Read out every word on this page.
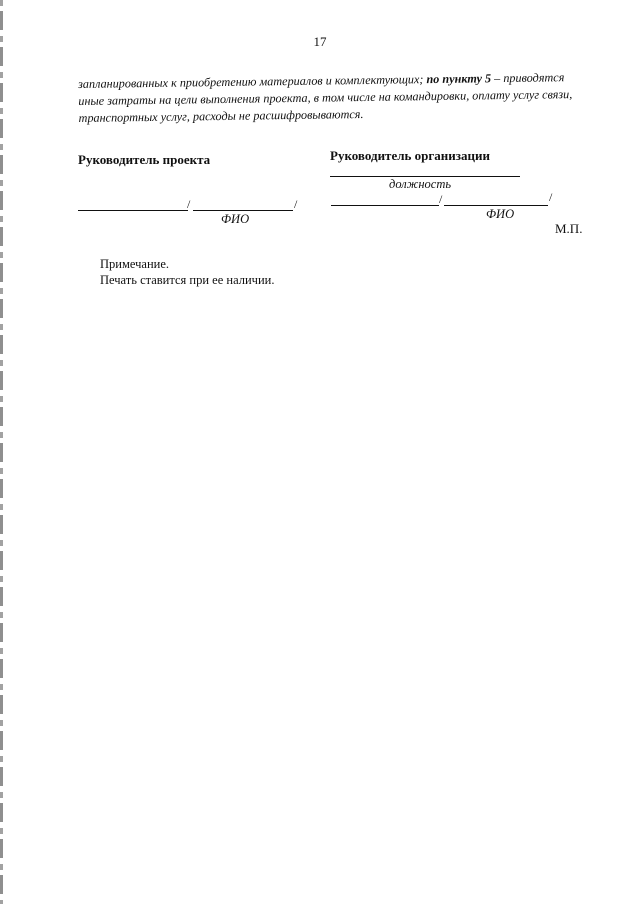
17
запланированных к приобретению материалов и комплектующих; по пункту 5 – приводятся
иные затраты на цели выполнения проекта, в том числе на командировки, оплату услуг связи,
транспортных услуг, расходы не расшифровываются.
Руководитель проекта
/	/
ФИО
Руководитель организации
должность
/	/
ФИО
М.П.
Примечание.
Печать ставится при ее наличии.
